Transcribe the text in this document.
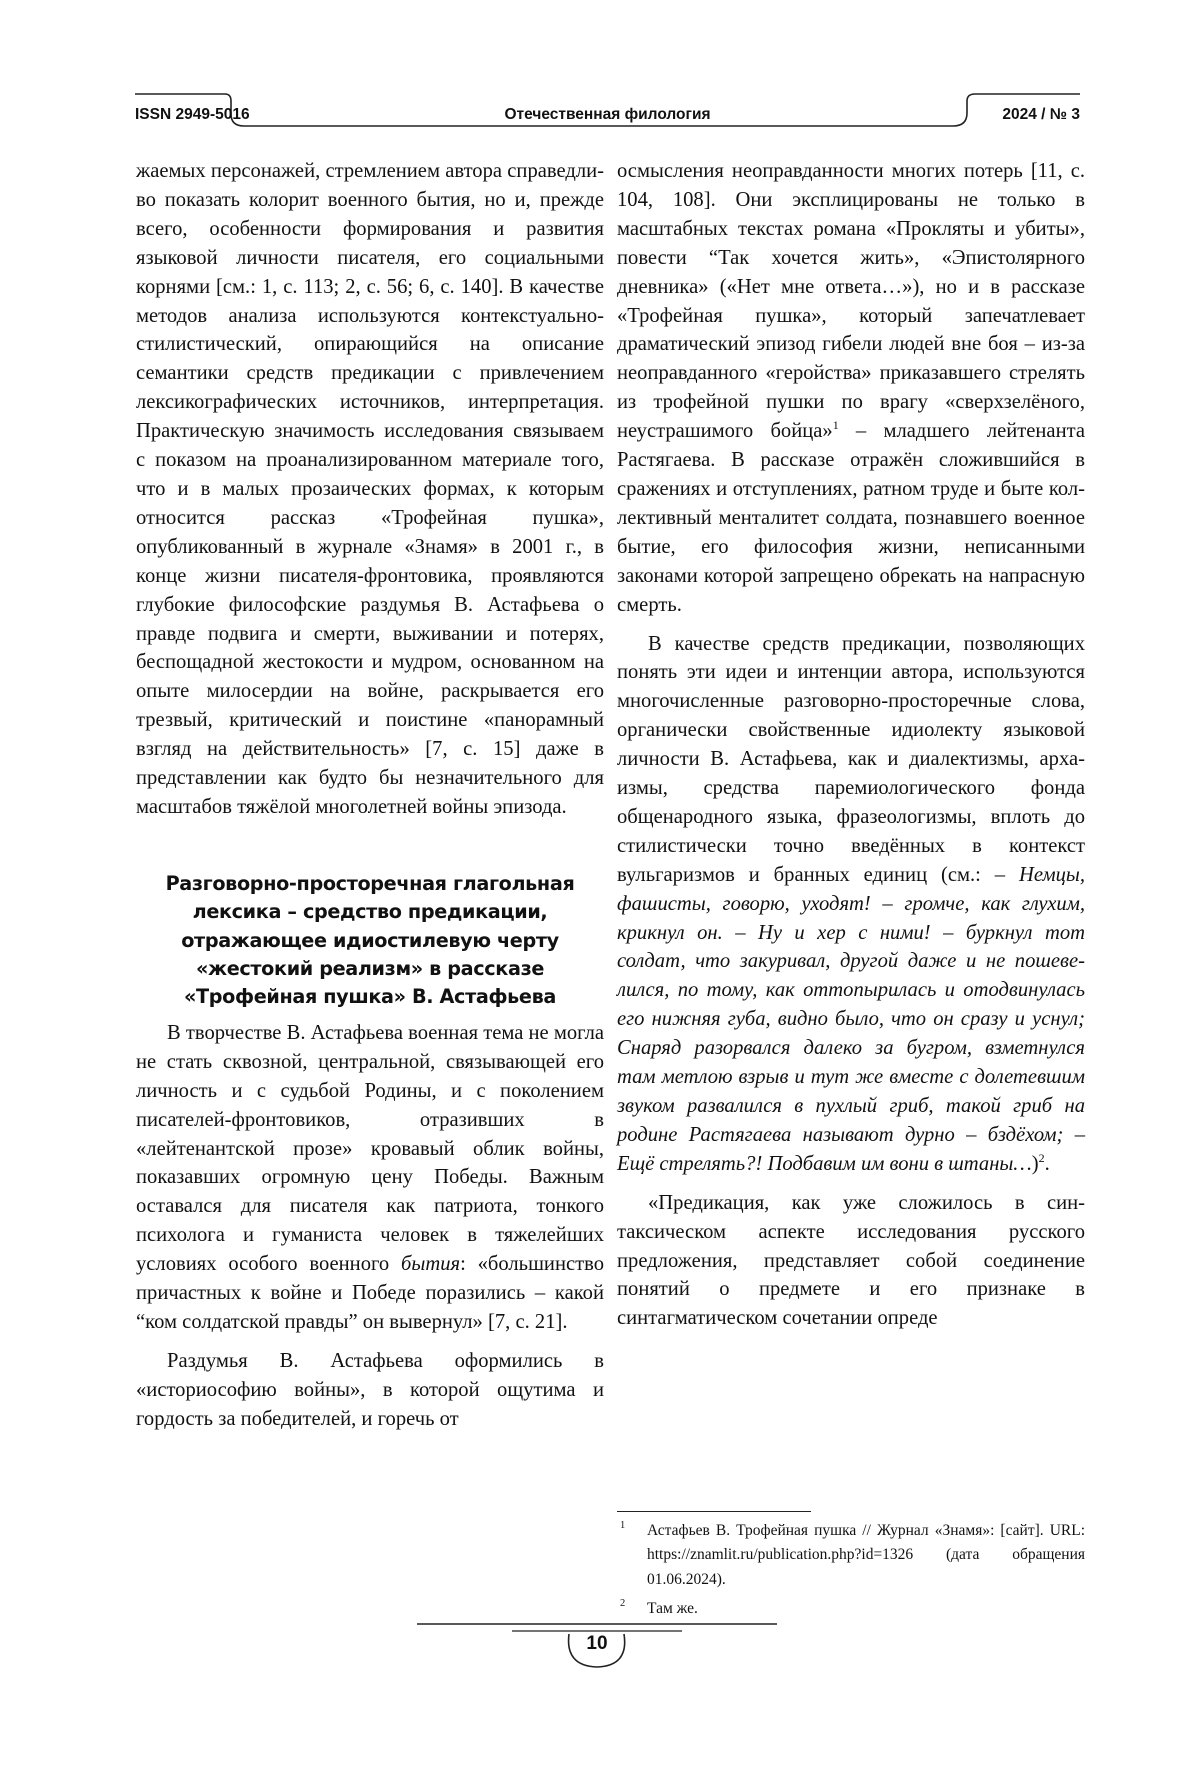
ISSN 2949-5016	Отечественная филология	2024 / № 3

жаемых персонажей, стремлением автора справедливо показать колорит военного бытия, но и, прежде всего, особенности формирования и развития языковой личности писателя, его социальными корнями [см.: 1, с. 113; 2, с. 56; 6, с. 140]. В качестве методов анализа используются контекстуально-стилистический, опирающийся на описание семантики средств предикации с привлечением лексикографических источников, интерпретация. Практическую значимость исследования связываем с показом на проанализированном материале того, что и в малых прозаических формах, к которым относится рассказ «Трофейная пушка», опубликованный в журнале «Знамя» в 2001 г., в конце жизни писателя-фронтовика, проявляются глубокие философские раздумья В. Астафьева о правде подвига и смерти, выживании и потерях, беспощадной жестокости и мудром, основанном на опыте милосердии на войне, раскрывается его трезвый, критический и поистине «панорамный взгляд на действительность» [7, с. 15] даже в представлении как будто бы незначительного для масштабов тяжёлой многолетней войны эпизода.

Разговорно-просторечная глагольная лексика – средство предикации, отражающее идиостилевую черту «жестокий реализм» в рассказе «Трофейная пушка» В. Астафьева

В творчестве В. Астафьева военная тема не могла не стать сквозной, центральной, связывающей его личность и с судьбой Родины, и с поколением писателей-фронтовиков, отразивших в «лейтенантской прозе» кровавый облик войны, показавших огромную цену Победы. Важным оставался для писателя как патриота, тонкого психолога и гуманиста человек в тяжелейших условиях особого военного бытия: «большинство причастных к войне и Победе поразились – какой “ком солдатской правды” он вывернул» [7, с. 21].

Раздумья В. Астафьева оформились в «историософию войны», в которой ощутима и гордость за победителей, и горечь от

осмысления неоправданности многих потерь [11, с. 104, 108]. Они эксплицированы не только в масштабных текстах романа «Прокляты и убиты», повести “Так хочется жить», «Эпистолярного дневника» («Нет мне ответа…»), но и в рассказе «Трофейная пушка», который запечатлевает драматический эпизод гибели людей вне боя – из-за неоправданного «геройства» приказавшего стрелять из трофейной пушки по врагу «сверхзелёного, неустрашимого бойца»$^1$ – младшего лейтенанта Растягаева. В рассказе отражён сложившийся в сражениях и отступлениях, ратном труде и быте коллективный менталитет солдата, познавшего военное бытие, его философия жизни, неписанными законами которой запрещено обрекать на напрасную смерть.

В качестве средств предикации, позволяющих понять эти идеи и интенции автора, используются многочисленные разговорно-просторечные слова, органически свойственные идиолекту языковой личности В. Астафьева, как и диалектизмы, архаизмы, средства паремиологического фонда общенародного языка, фразеологизмы, вплоть до стилистически точно введённых в контекст вульгаризмов и бранных единиц (см.: – Немцы, фашисты, говорю, уходят! – громче, как глухим, крикнул он. – Ну и хер с ними! – буркнул тот солдат, что закуривал, другой даже и не пошевелился, по тому, как оттопырилась и отодвинулась его нижняя губа, видно было, что он сразу и уснул; Снаряд разорвался далеко за бугром, взметнулся там метлою взрыв и тут же вместе с долетевшим звуком развалился в пухлый гриб, такой гриб на родине Растягаева называют дурно – бздёхом; – Ещё стрелять?! Подбавим им вони в штаны…)$^2$.

«Предикация, как уже сложилось в синтаксическом аспекте исследования русского предложения, представляет собой соединение понятий о предмете и его признаке в синтагматическом сочетании опреде

1 Астафьев В. Трофейная пушка // Журнал «Знамя»: [сайт]. URL: https://znamlit.ru/publication.php?id=1326 (дата обращения 01.06.2024).
2 Там же.
10
